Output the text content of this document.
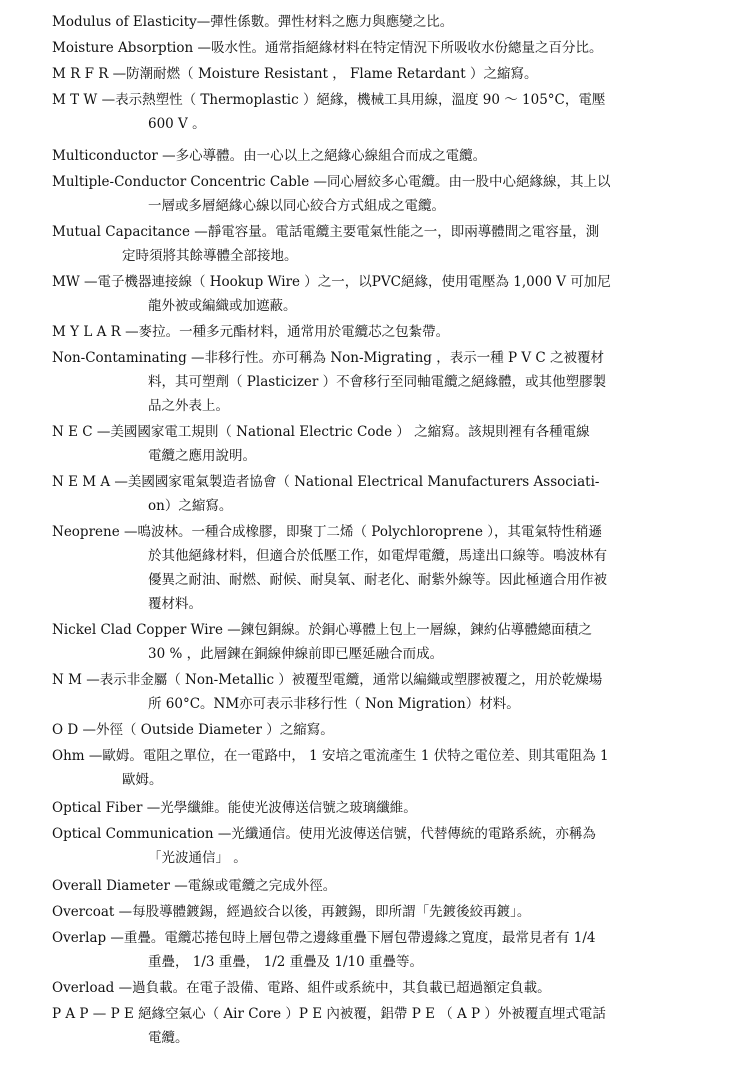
Modulus of Elasticity—彈性係數。彈性材料之應力與應變之比。

Moisture Absorption —吸水性。通常指絕緣材料在特定情況下所吸收水份總量之百分比。

M R F R —防潮耐燃（ Moisture Resistant ， Flame Retardant ）之縮寫。

M T W —表示熱塑性（ Thermoplastic ）絕緣，機械工具用線，溫度 90 ～ 105°C，電壓
600 V 。

Multiconductor —多心導體。由一心以上之絕緣心線組合而成之電纜。

Multiple-Conductor Concentric Cable —同心層絞多心電纜。由一股中心絕緣線，其上以
一層或多層絕緣心線以同心絞合方式組成之電纜。

Mutual Capacitance —靜電容量。電話電纜主要電氣性能之一，即兩導體間之電容量，測
定時須將其餘導體全部接地。

MW —電子機器連接線（ Hookup Wire ）之一，以PVC絕緣，使用電壓為 1,000 V 可加尼
龍外被或編織或加遮蔽。

M Y L A R —麥拉。一種多元酯材料，通常用於電纜芯之包紮帶。

Non-Contaminating —非移行性。亦可稱為 Non-Migrating ，表示一種 P V C 之被覆材
料，其可塑劑（ Plasticizer ）不會移行至同軸電纜之絕緣體，或其他塑膠製
品之外表上。

N E C —美國國家電工規則（ National Electric Code ） 之縮寫。該規則裡有各種電線
電纜之應用說明。

N E M A —美國國家電氣製造者協會（ National Electrical Manufacturers Associati-
on）之縮寫。

Neoprene —鳴波林。一種合成橡膠，即聚丁二烯（ Polychloroprene ），其電氣特性稍遜
於其他絕緣材料，但適合於低壓工作，如電焊電纜，馬達出口線等。鳴波林有
優異之耐油、耐燃、耐候、耐臭氧、耐老化、耐紫外線等。因此極適合用作被
覆材料。

Nickel Clad Copper Wire —鍊包銅線。於銅心導體上包上一層線，鍊約佔導體總面積之
30 % ，此層鍊在銅線伸線前即已壓延融合而成。

N M —表示非金屬（ Non-Metallic ）被覆型電纜，通常以編織或塑膠被覆之，用於乾燥場
所 60°C。NM亦可表示非移行性（ Non Migration）材料。

O D —外徑（ Outside Diameter ）之縮寫。

Ohm —歐姆。電阻之單位，在一電路中， 1 安培之電流產生 1 伏特之電位差、則其電阻為 1
歐姆。

Optical Fiber —光學纖維。能使光波傳送信號之玻璃纖維。

Optical Communication —光纖通信。使用光波傳送信號，代替傳統的電路系統，亦稱為
「光波通信」 。

Overall Diameter —電線或電纜之完成外徑。

Overcoat —每股導體鍍錫，經過絞合以後，再鍍錫，即所謂「先鍍後絞再鍍」。

Overlap —重疊。電纜芯捲包時上層包帶之邊緣重疊下層包帶邊緣之寬度，最常見者有 1/4
重疊， 1/3 重疊， 1/2 重疊及 1/10 重疊等。

Overload —過負載。在電子設備、電路、組件或系統中，其負載已超過額定負載。

P A P — P E 絕緣空氣心（ Air Core ）P E 內被覆，鋁帶 P E （ A P ）外被覆直埋式電話
電纜。
